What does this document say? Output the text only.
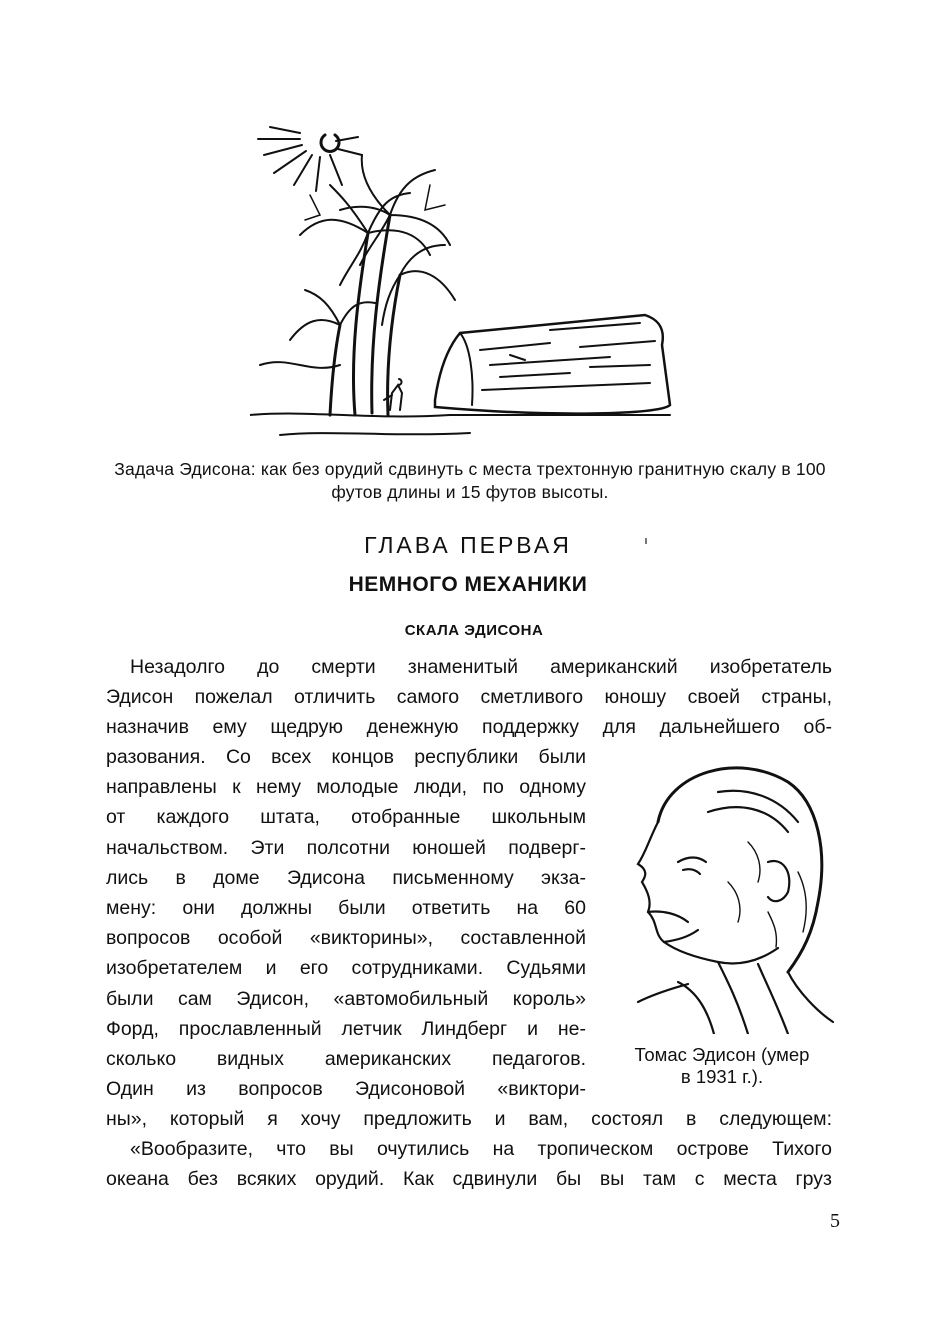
Задача Эдисона: как без орудий сдвинуть с места трехтонную гранитную скалу в 100 футов длины и 15 футов высоты.
ГЛАВА ПЕРВАЯ
НЕМНОГО МЕХАНИКИ
СКАЛА ЭДИСОНА
Незадолго до смерти знаменитый американский изобретатель
Эдисон пожелал отличить самого сметливого юношу своей страны,
назначив ему щедрую денежную поддержку для дальнейшего об-
разования. Со всех концов республики были
направлены к нему молодые люди, по одному
от каждого штата, отобранные школьным
начальством. Эти полсотни юношей подверг-
лись в доме Эдисона письменному экза-
мену: они должны были ответить на 60
вопросов особой «викторины», составленной
изобретателем и его сотрудниками. Судьями
были сам Эдисон, «автомобильный король»
Форд, прославленный летчик Линдберг и не-
сколько видных американских педагогов.
Один из вопросов Эдисоновой «виктори-
Томас Эдисон (умер
в 1931 г.).
ны», который я хочу предложить и вам, состоял в следующем:
«Вообразите, что вы очутились на тропическом острове Тихого
океана без всяких орудий. Как сдвинули бы вы там с места груз
5
